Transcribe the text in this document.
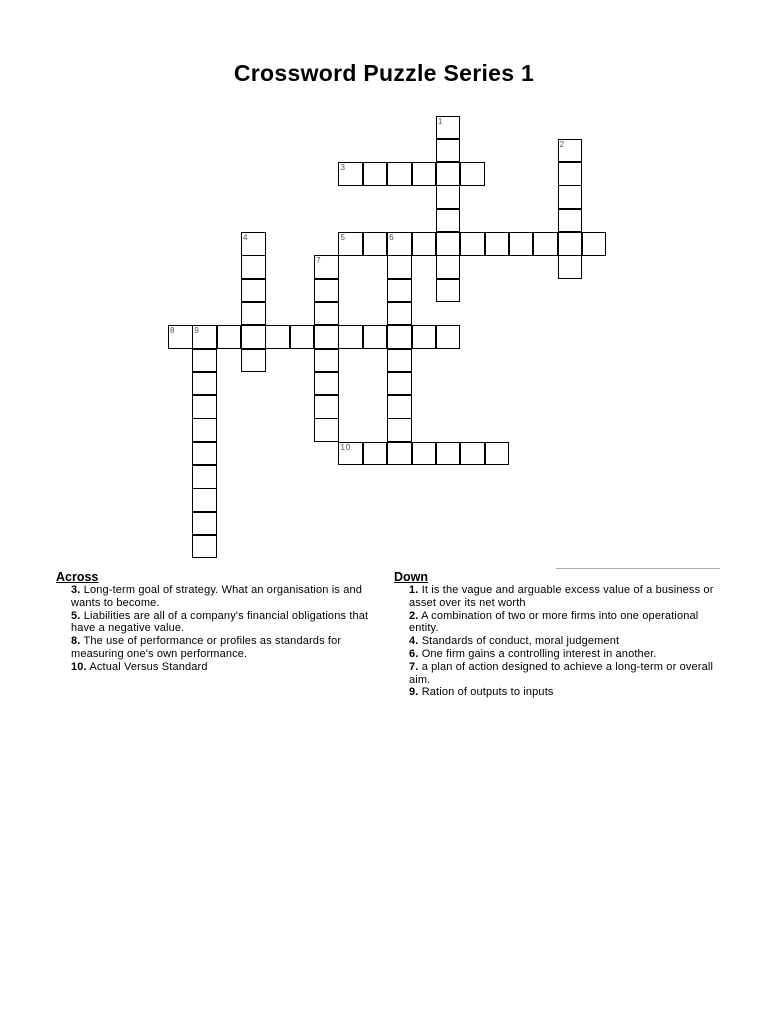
Crossword Puzzle Series 1
1
2
3
4	5	6
7
8 9
10
Across
3. Long-term goal of strategy. What an organisation is and wants to become.
5. Liabilities are all of a company's financial obligations that have a negative value.
8. The use of performance or profiles as standards for measuring one's own performance.
10. Actual Versus Standard
Down
1. It is the vague and arguable excess value of a business or asset over its net worth
2. A combination of two or more firms into one operational entity.
4. Standards of conduct, moral judgement
6. One firm gains a controlling interest in another.
7. a plan of action designed to achieve a long-term or overall aim.
9. Ration of outputs to inputs
